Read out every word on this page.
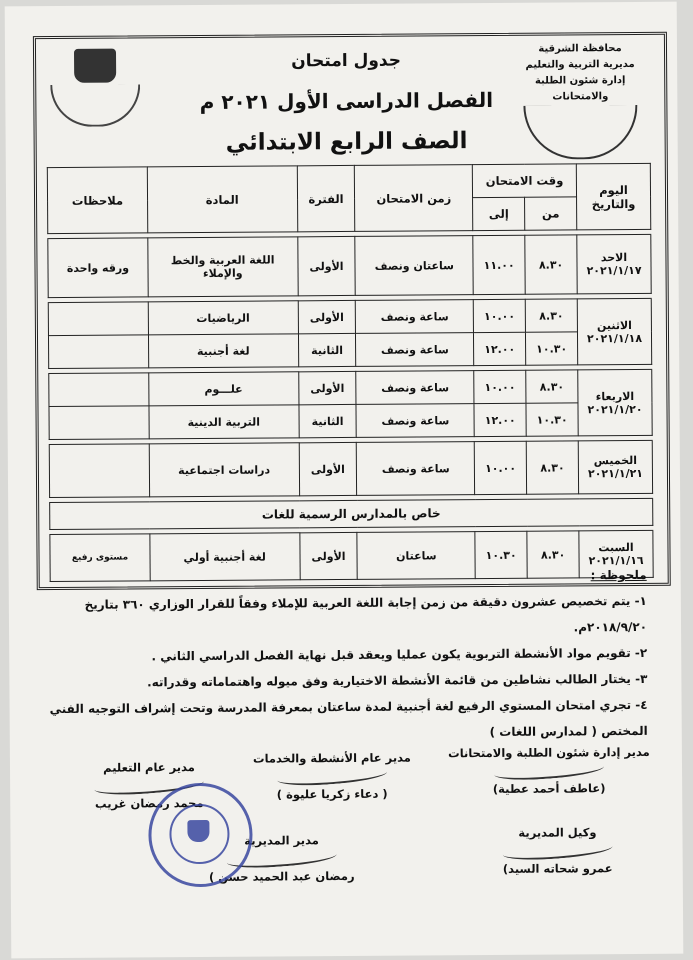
محافظة الشرقية
مديرية التربية والتعليم
إدارة شئون الطلبة والامتحانات
جدول امتحان
الفصل الدراسى الأول ٢٠٢١ م
الصف الرابع الابتدائي
اليوم والتاريخ	وقت الامتحان		زمن الامتحان	الفترة	المادة	ملاحظات
	من	إلى				

الاحد
٢٠٢١/١/١٧	٨.٣٠	١١.٠٠	ساعتان ونصف	الأولى	اللغة العربية والخط والإملاء	ورقه واحدة

الاثنين
٢٠٢١/١/١٨	٨.٣٠	١٠.٠٠	ساعة ونصف	الأولى	الرياضيات	
	١٠.٣٠	١٢.٠٠	ساعة ونصف	الثانية	لغة أجنبية	

الاربعاء
٢٠٢١/١/٢٠	٨.٣٠	١٠.٠٠	ساعة ونصف	الأولى	علـــوم	
	١٠.٣٠	١٢.٠٠	ساعة ونصف	الثانية	التربية الدينية	

الخميس
٢٠٢١/١/٢١	٨.٣٠	١٠.٠٠	ساعة ونصف	الأولى	دراسات اجتماعية	

خاص بالمدارس الرسمية للغات						

السبت
٢٠٢١/١/١٦	٨.٣٠	١٠.٣٠	ساعتان	الأولى	لغة أجنبية أولي	مستوى رفيع
ملحوظة :
١- يتم تخصيص عشرون دقيقة من زمن إجابة اللغة العربية للإملاء وفقاً للقرار الوزاري ٣٦٠ بتاريخ ٢٠١٨/٩/٢٠م.
٢- تقويم مواد الأنشطة التربوية يكون عمليا ويعقد قبل نهاية الفصل الدراسي الثاني .
٣- يختار الطالب نشاطين من قائمة الأنشطة الاختيارية وفق ميوله واهتماماته وقدراته.
٤- تجري امتحان المستوي الرفيع لغة أجنبية لمدة ساعتان بمعرفة المدرسة وتحت إشراف التوجيه الفني المختص ( لمدارس اللغات )
مدير إدارة شئون الطلبة والامتحانات
(عاطف أحمد عطية)
مدير عام الأنشطة والخدمات
( دعاء زكريا عليوة )
مدير عام التعليم
محمد رمضان غريب
وكيل المديرية
(عمرو شحاته السيد
مدير المديرية
( رمضان عبد الحميد حسن
